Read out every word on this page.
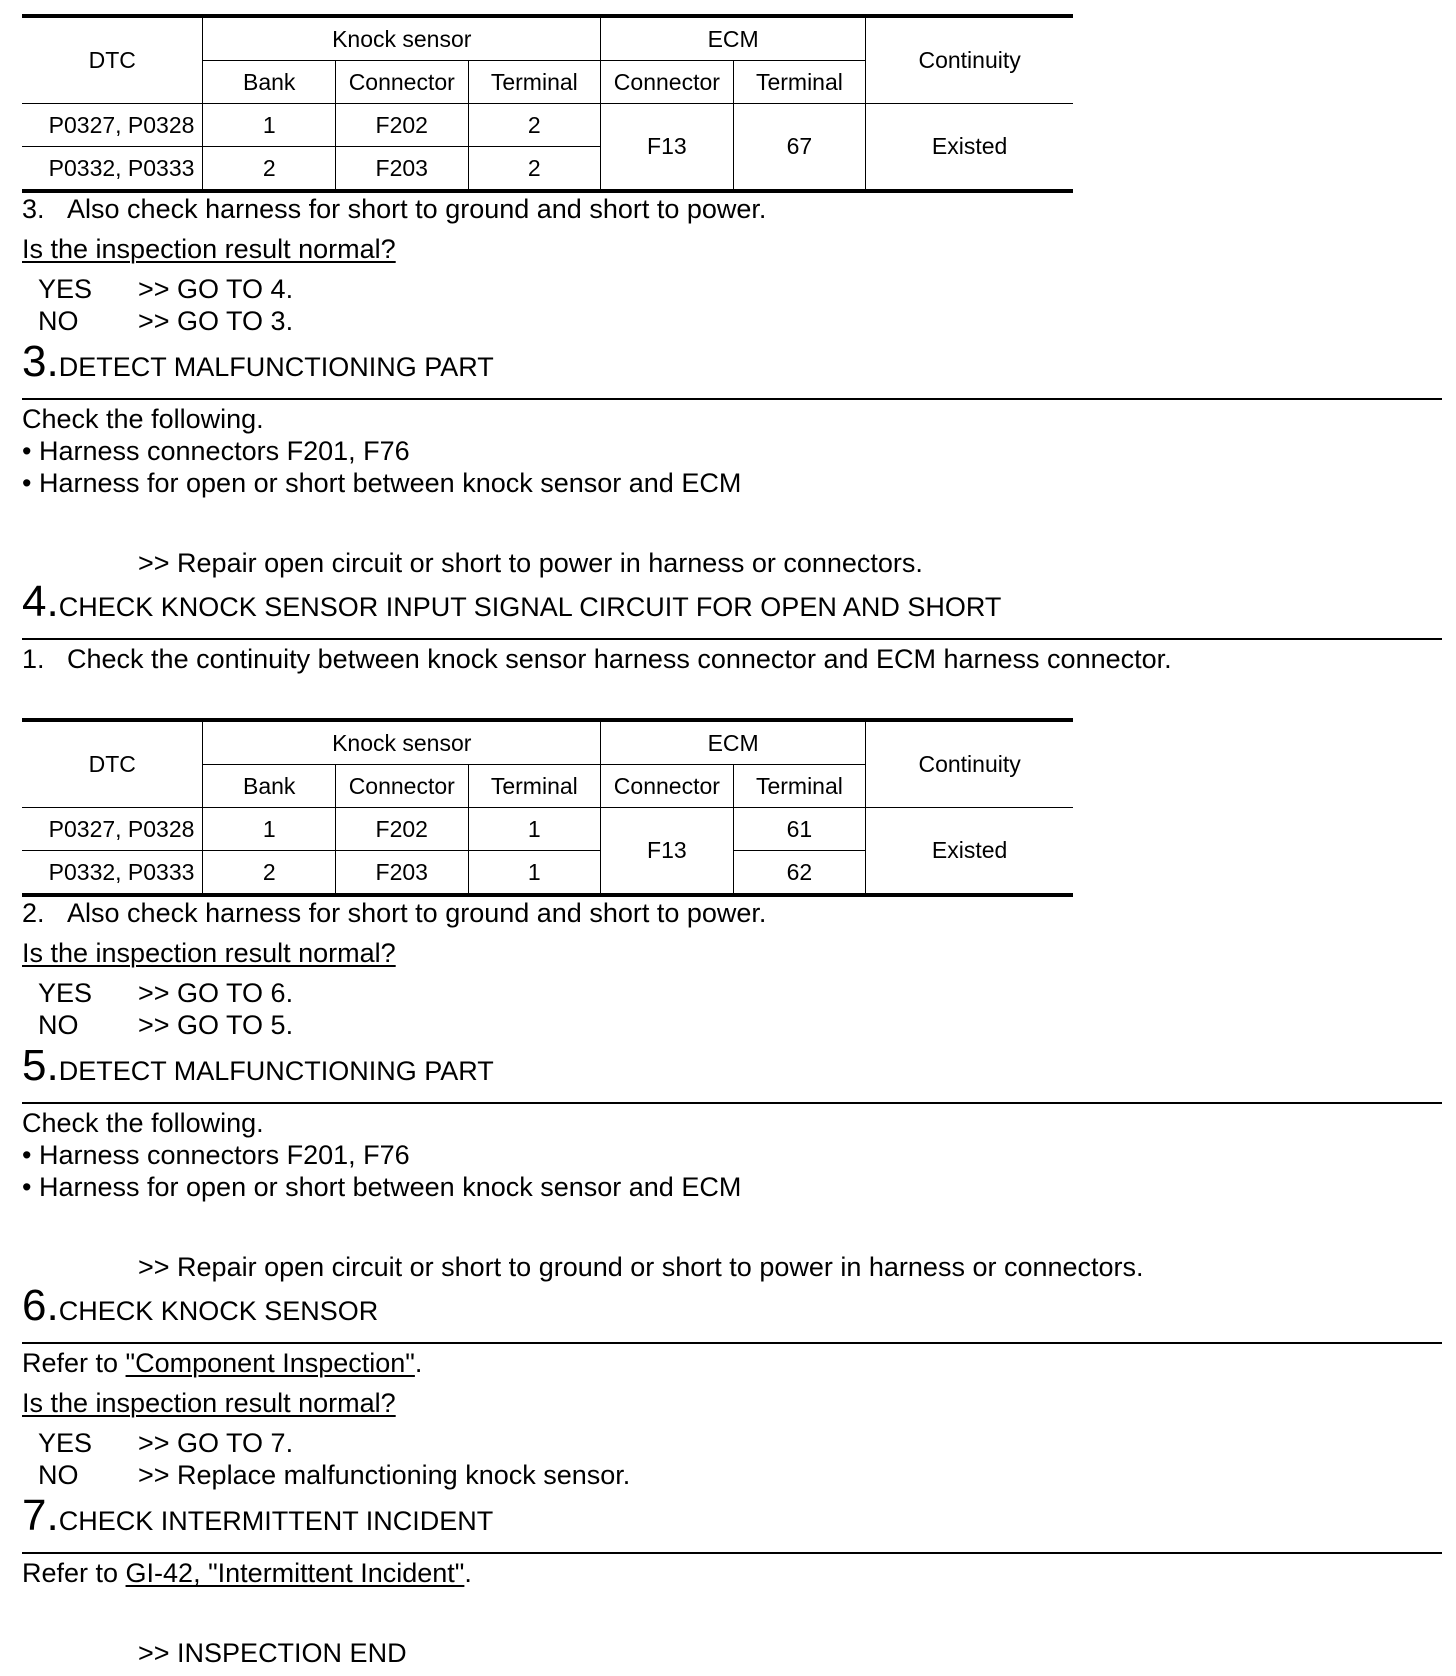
DTC	Knock sensor			ECM		Continuity
	Bank	Connector	Terminal	Connector	Terminal	
P0327, P0328	1	F202	2	F13	67	Existed
P0332, P0333	2	F203	2			
3.   Also check harness for short to ground and short to power.
Is the inspection result normal?
YES >> GO TO 4.
NO >> GO TO 3.
3.DETECT MALFUNCTIONING PART
Check the following.
• Harness connectors F201, F76
• Harness for open or short between knock sensor and ECM
>> Repair open circuit or short to power in harness or connectors.
4.CHECK KNOCK SENSOR INPUT SIGNAL CIRCUIT FOR OPEN AND SHORT
1.   Check the continuity between knock sensor harness connector and ECM harness connector.
DTC	Knock sensor			ECM		Continuity
	Bank	Connector	Terminal	Connector	Terminal	
P0327, P0328	1	F202	1	F13	61	Existed
P0332, P0333	2	F203	1		62	
2.   Also check harness for short to ground and short to power.
Is the inspection result normal?
YES >> GO TO 6.
NO >> GO TO 5.
5.DETECT MALFUNCTIONING PART
Check the following.
• Harness connectors F201, F76
• Harness for open or short between knock sensor and ECM
>> Repair open circuit or short to ground or short to power in harness or connectors.
6.CHECK KNOCK SENSOR
Refer to "Component Inspection".
Is the inspection result normal?
YES >> GO TO 7.
NO >> Replace malfunctioning knock sensor.
7.CHECK INTERMITTENT INCIDENT
Refer to GI-42, "Intermittent Incident".
>> INSPECTION END
